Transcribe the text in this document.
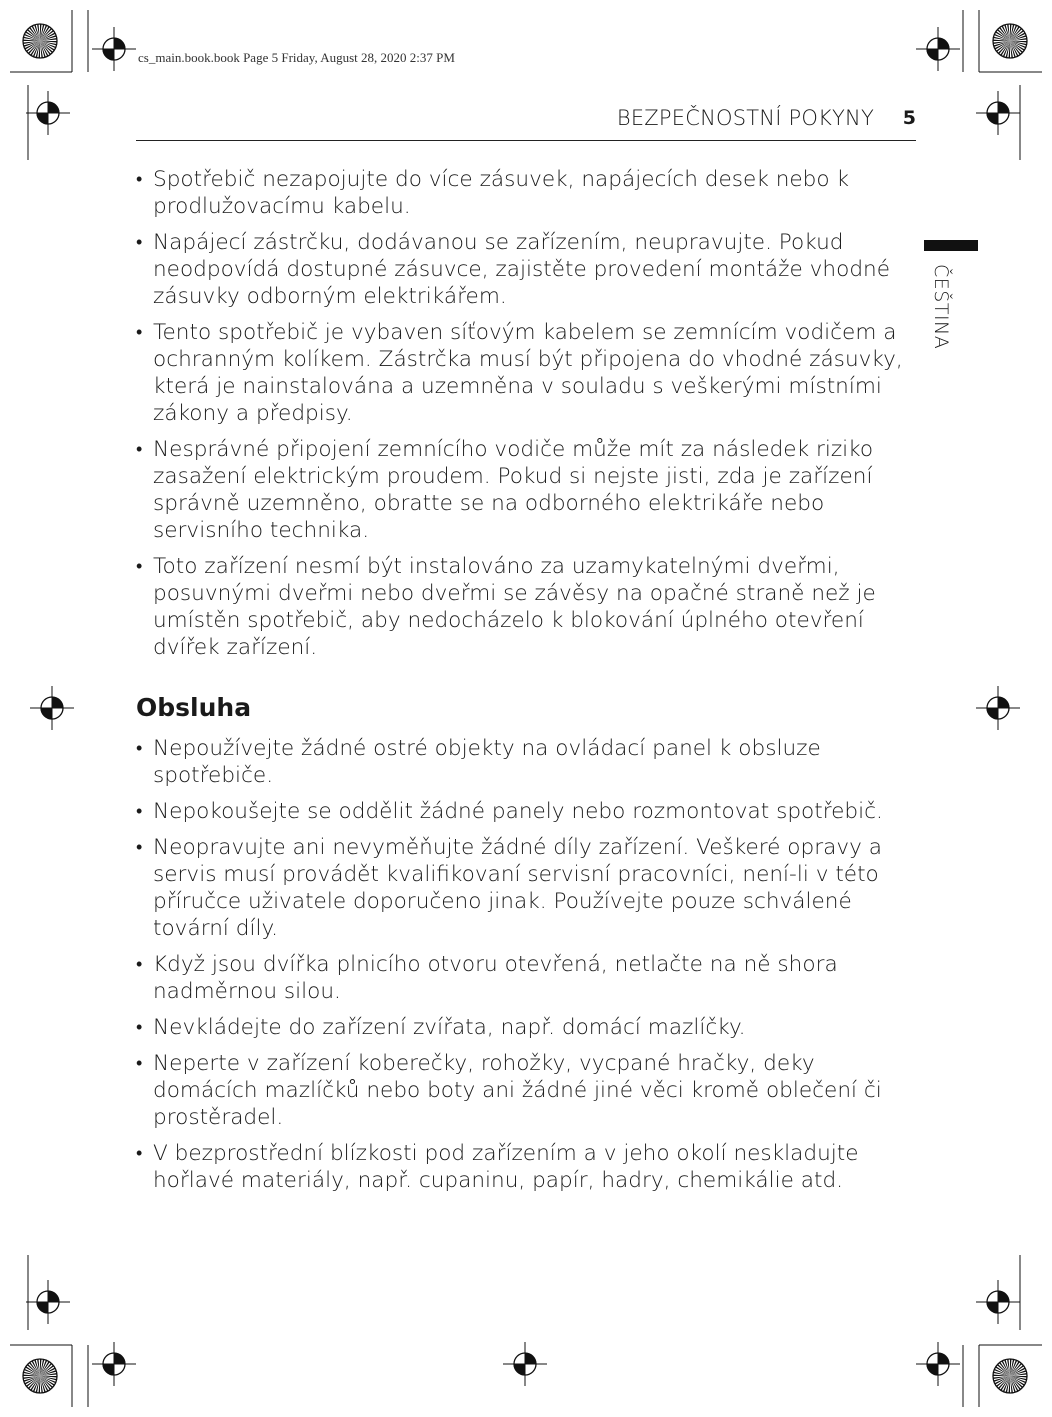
cs_main.book.book Page 5 Friday, August 28, 2020 2:37 PM
BEZPEČNOSTNÍ POKYNY 5
ČEŠTINA
• Spotřebič nezapojujte do více zásuvek, napájecích desek nebo k prodlužovacímu kabelu.
• Napájecí zástrčku, dodávanou se zařízením, neupravujte. Pokud neodpovídá dostupné zásuvce, zajistěte provedení montáže vhodné zásuvky odborným elektrikářem.
• Tento spotřebič je vybaven síťovým kabelem se zemnícím vodičem a ochranným kolíkem. Zástrčka musí být připojena do vhodné zásuvky, která je nainstalována a uzemněna v souladu s veškerými místními zákony a předpisy.
• Nesprávné připojení zemnícího vodiče může mít za následek riziko zasažení elektrickým proudem. Pokud si nejste jisti, zda je zařízení správně uzemněno, obratte se na odborného elektrikáře nebo servisního technika.
• Toto zařízení nesmí být instalováno za uzamykatelnými dveřmi, posuvnými dveřmi nebo dveřmi se závěsy na opačné straně než je umístěn spotřebič, aby nedocházelo k blokování úplného otevření dvířek zařízení.
Obsluha
• Nepoužívejte žádné ostré objekty na ovládací panel k obsluze spotřebiče.
• Nepokoušejte se oddělit žádné panely nebo rozmontovat spotřebič.
• Neopravujte ani nevyměňujte žádné díly zařízení. Veškeré opravy a servis musí provádět kvalifikovaní servisní pracovníci, není-li v této příručce uživatele doporučeno jinak. Používejte pouze schválené tovární díly.
• Když jsou dvířka plnicího otvoru otevřená, netlačte na ně shora nadměrnou silou.
• Nevkládejte do zařízení zvířata, např. domácí mazlíčky.
• Neperte v zařízení koberečky, rohožky, vycpané hračky, deky domácích mazlíčků nebo boty ani žádné jiné věci kromě oblečení či prostěradel.
• V bezprostřední blízkosti pod zařízením a v jeho okolí neskladujte hořlavé materiály, např. cupaninu, papír, hadry, chemikálie atd.
